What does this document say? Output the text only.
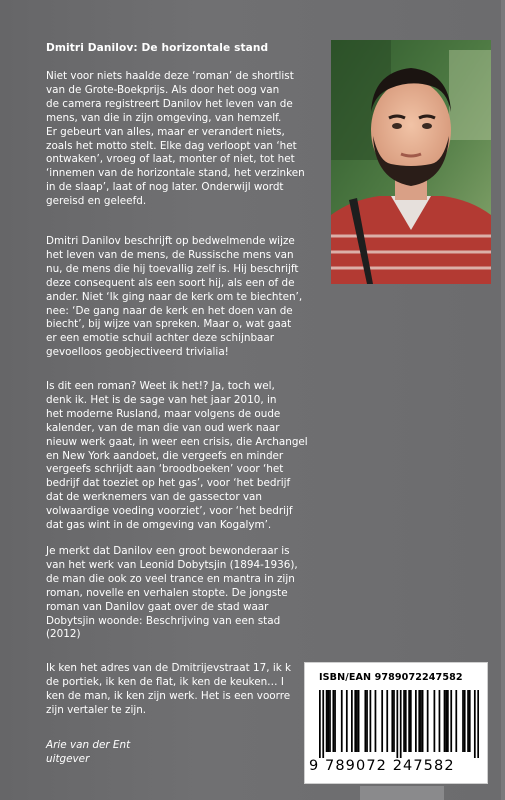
Dmitri Danilov: De horizontale stand
Niet voor niets haalde deze ‘roman’ de shortlist
van de Grote-Boekprijs. Als door het oog van
de camera registreert Danilov het leven van de
mens, van die in zijn omgeving, van hemzelf.
Er gebeurt van alles, maar er verandert niets,
zoals het motto stelt. Elke dag verloopt van ‘het
ontwaken’, vroeg of laat, monter of niet, tot het
‘innemen van de horizontale stand, het verzinken
in de slaap’, laat of nog later. Onderwijl wordt
gereisd en geleefd.
Dmitri Danilov beschrijft op bedwelmende wijze
het leven van de mens, de Russische mens van
nu, de mens die hij toevallig zelf is. Hij beschrijft
deze consequent als een soort hij, als een of de
ander. Niet ‘Ik ging naar de kerk om te biechten’,
nee: ‘De gang naar de kerk en het doen van de
biecht’, bij wijze van spreken. Maar o, wat gaat
er een emotie schuil achter deze schijnbaar
gevoelloos geobjectiveerd trivialia!
Is dit een roman? Weet ik het!? Ja, toch wel,
denk ik. Het is de sage van het jaar 2010, in
het moderne Rusland, maar volgens de oude
kalender, van de man die van oud werk naar
nieuw werk gaat, in weer een crisis, die Archangel
en New York aandoet, die vergeefs en minder
vergeefs schrijdt aan ‘broodboeken’ voor ‘het
bedrijf dat toeziet op het gas’, voor ‘het bedrijf
dat de werknemers van de gassector van
volwaardige voeding voorziet’, voor ‘het bedrijf
dat gas wint in de omgeving van Kogalym’.
Je merkt dat Danilov een groot bewonderaar is
van het werk van Leonid Dobytsjin (1894-1936),
de man die ook zo veel trance en mantra in zijn
roman, novelle en verhalen stopte. De jongste
roman van Danilov gaat over de stad waar
Dobytsjin woonde: Beschrijving van een stad
(2012)
Ik ken het adres van de Dmitrijevstraat 17, ik k
de portiek, ik ken de flat, ik ken de keuken… I
ken de man, ik ken zijn werk. Het is een voorre
zijn vertaler te zijn.
Arie van der Ent
uitgever
ISBN/EAN 9789072247582
9 789072 247582
